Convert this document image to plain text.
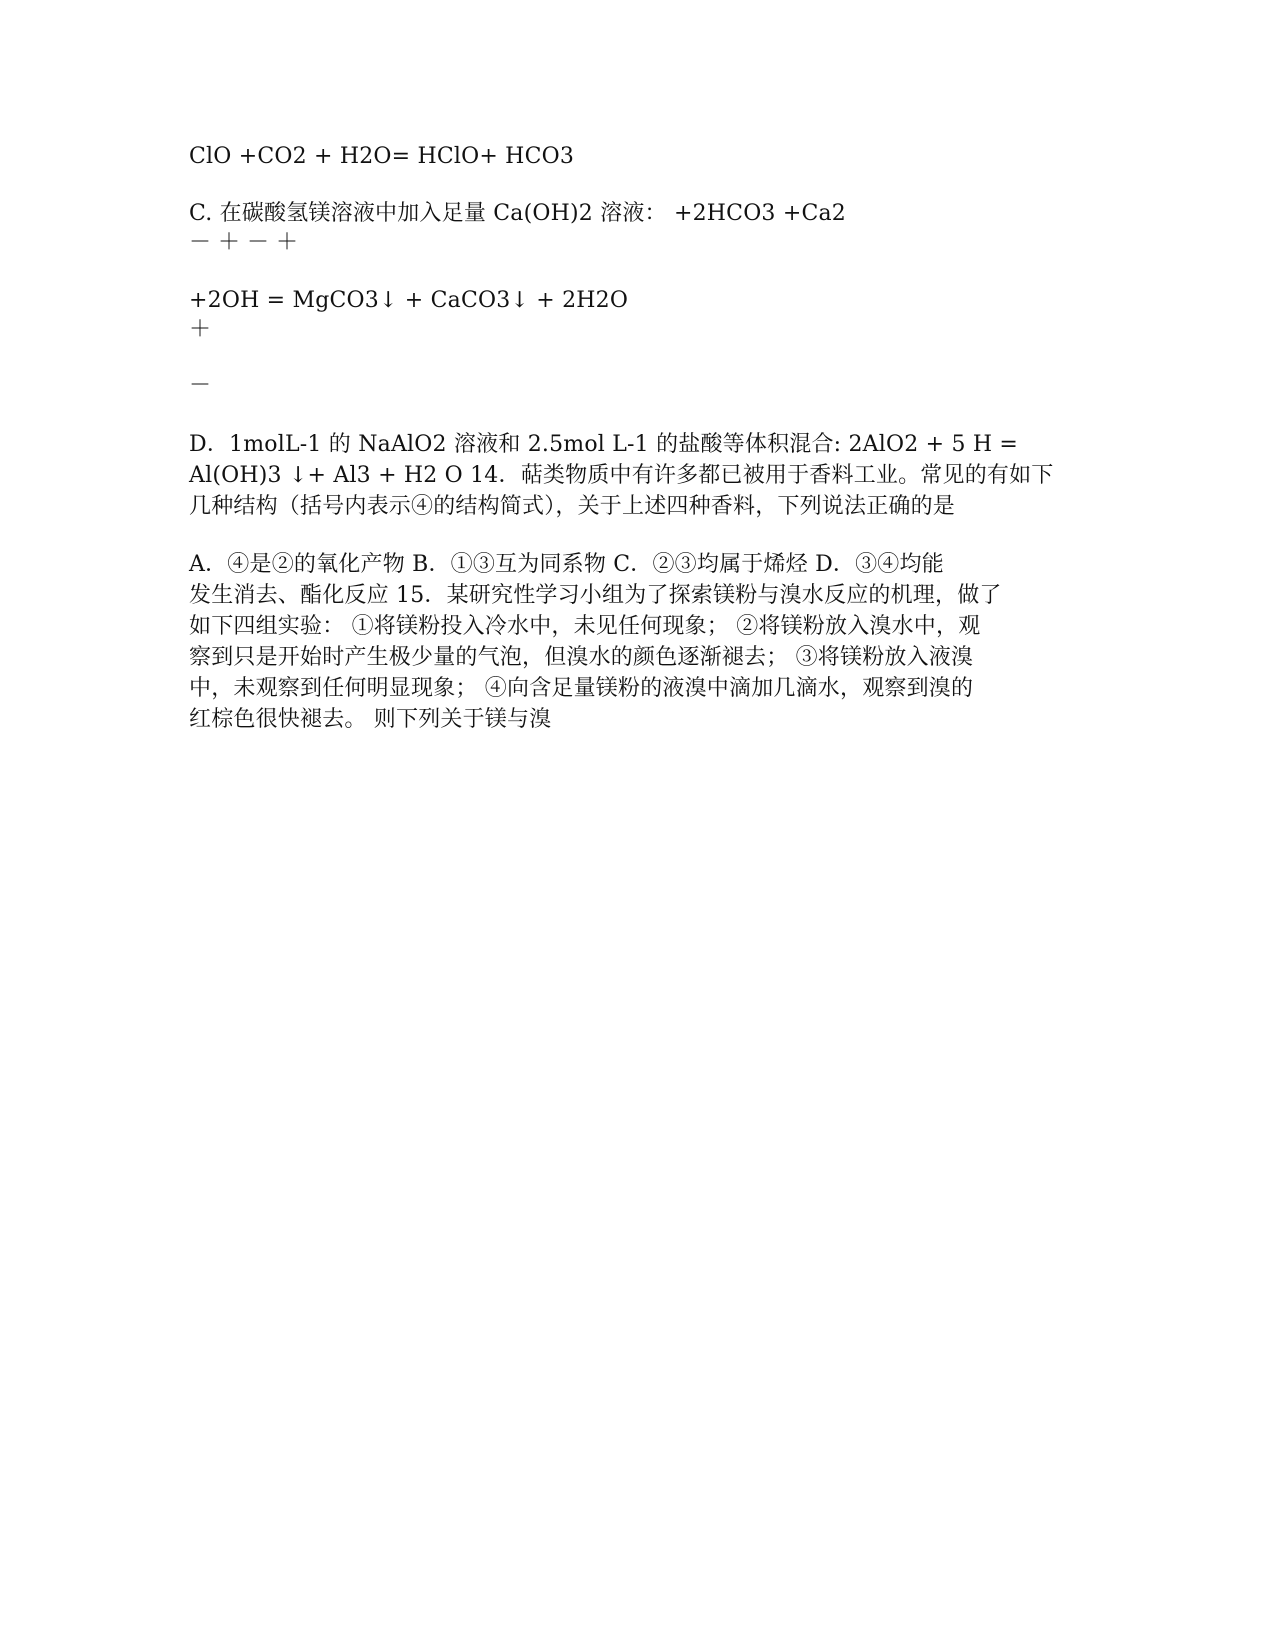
ClO +CO2 + H2O= HClO+ HCO3
C. 在碳酸氢镁溶液中加入足量 Ca(OH)2 溶液： +2HCO3 +Ca2
－ ＋ － ＋
+2OH = MgCO3↓ + CaCO3↓ + 2H2O
＋
－
D．1molL-1 的 NaAlO2 溶液和 2.5mol L-1 的盐酸等体积混合: 2AlO2 + 5 H =
Al(OH)3 ↓+ Al3 + H2 O 14．萜类物质中有许多都已被用于香料工业。常见的有如下
几种结构（括号内表示④的结构简式），关于上述四种香料，下列说法正确的是
A．④是②的氧化产物 B．①③互为同系物 C．②③均属于烯烃 D．③④均能
发生消去、酯化反应 15．某研究性学习小组为了探索镁粉与溴水反应的机理，做了
如下四组实验： ①将镁粉投入冷水中，未见任何现象； ②将镁粉放入溴水中，观
察到只是开始时产生极少量的气泡，但溴水的颜色逐渐褪去； ③将镁粉放入液溴
中，未观察到任何明显现象； ④向含足量镁粉的液溴中滴加几滴水，观察到溴的
红棕色很快褪去。 则下列关于镁与溴
